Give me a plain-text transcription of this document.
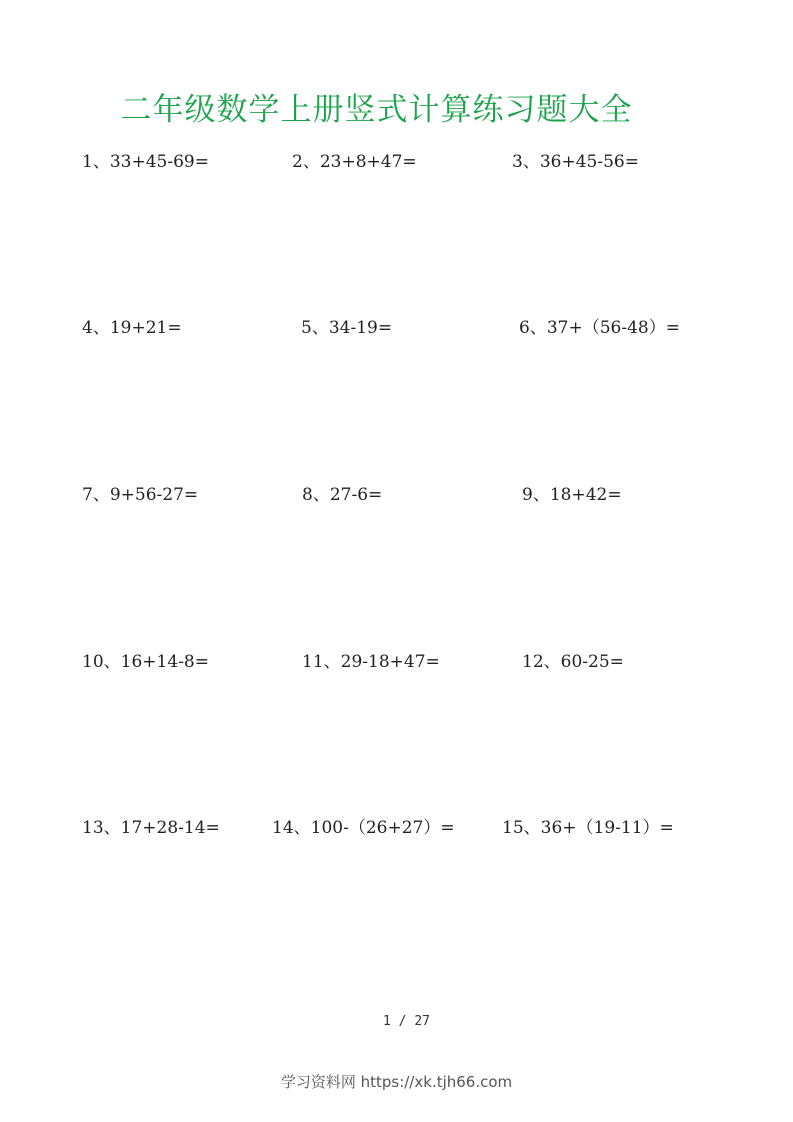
二年级数学上册竖式计算练习题大全
1、33+45-69=	2、23+8+47=	3、36+45-56=
4、19+21=	5、34-19=	6、37+（56-48）=
7、9+56-27=	8、27-6=	9、18+42=
10、16+14-8=	11、29-18+47=	12、60-25=
13、17+28-14=	14、100-（26+27）=	15、36+（19-11）=
1 / 27
学习资料网 https://xk.tjh66.com
